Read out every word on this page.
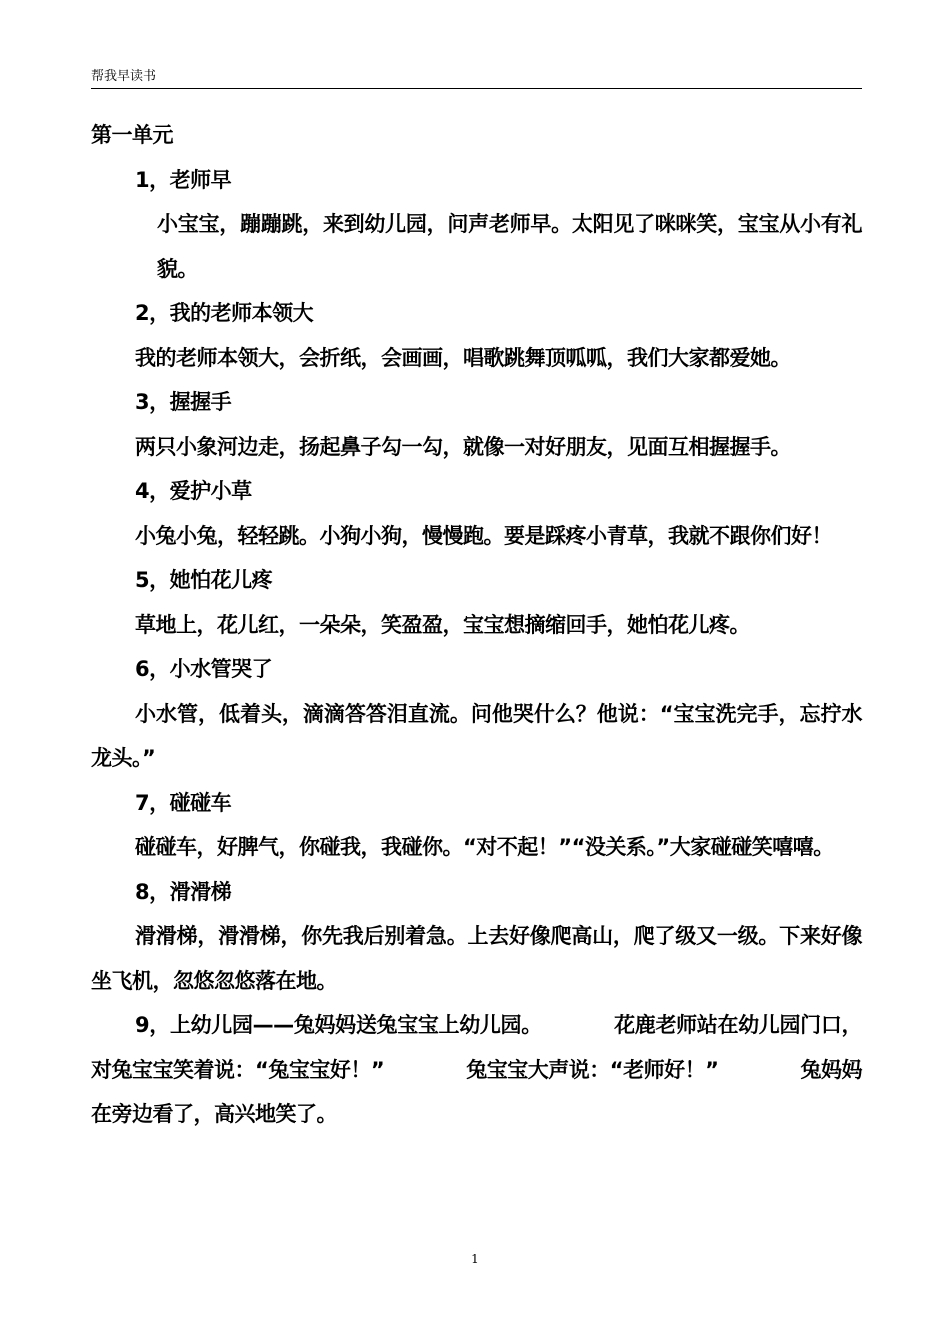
帮我早读书
第一单元
1，老师早
小宝宝，蹦蹦跳，来到幼儿园，问声老师早。太阳见了咪咪笑，宝宝从小有礼貌。
2，我的老师本领大
我的老师本领大，会折纸，会画画，唱歌跳舞顶呱呱，我们大家都爱她。
3，握握手
两只小象河边走，扬起鼻子勾一勾，就像一对好朋友，见面互相握握手。
4，爱护小草
小兔小兔，轻轻跳。小狗小狗，慢慢跑。要是踩疼小青草，我就不跟你们好！
5，她怕花儿疼
草地上，花儿红，一朵朵，笑盈盈，宝宝想摘缩回手，她怕花儿疼。
6，小水管哭了
小水管，低着头，滴滴答答泪直流。问他哭什么？他说：“宝宝洗完手，忘拧水龙头。”
7，碰碰车
碰碰车，好脾气，你碰我，我碰你。“对不起！”“没关系。”大家碰碰笑嘻嘻。
8，滑滑梯
滑滑梯，滑滑梯，你先我后别着急。上去好像爬高山，爬了级又一级。下来好像坐飞机，忽悠忽悠落在地。
9，上幼儿园——兔妈妈送兔宝宝上幼儿园。　　　　花鹿老师站在幼儿园门口，对兔宝宝笑着说：“兔宝宝好！”　　　　兔宝宝大声说：“老师好！”　　　　兔妈妈在旁边看了，高兴地笑了。
1
